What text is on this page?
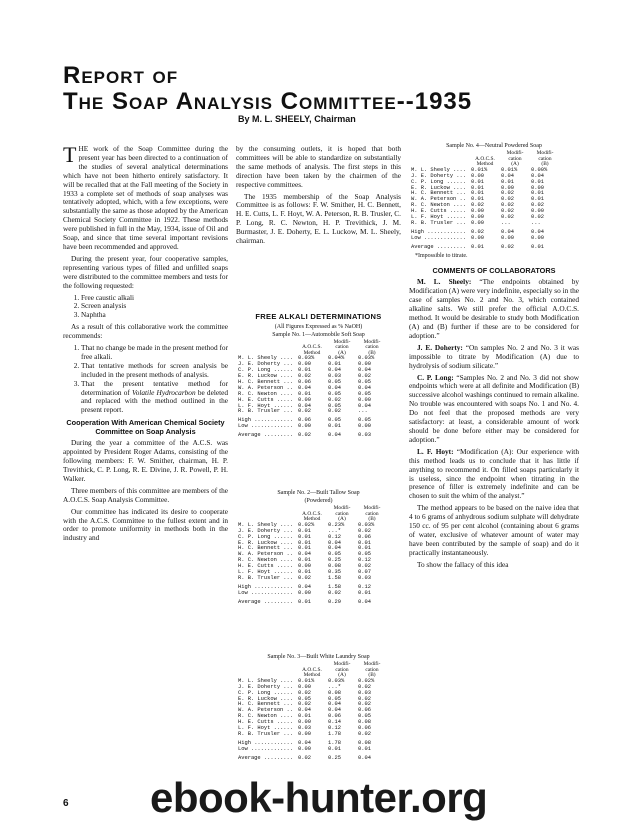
Report of
The Soap Analysis Committee--1935
By M. L. SHEELY, Chairman

THE work of the Soap Committee during the present year has been directed to a continuation of the studies of several analytical determinations which have not been hitherto entirely satisfactory. It will be recalled that at the Fall meeting of the Society in 1933 a complete set of methods of soap analyses was tentatively adopted, which, with a few exceptions, were substantially the same as those adopted by the American Chemical Society Committee in 1922. These methods were published in full in the May, 1934, issue of Oil and Soap, and since that time several important revisions have been recommended and approved.

During the present year, four cooperative samples, representing various types of filled and unfilled soaps were distributed to the committee members and tests for the following requested:

1. Free caustic alkali
2. Screen analysis
3. Naphtha

As a result of this collaborative work the committee recommends:

1. That no change be made in the present method for free alkali.
2. That tentative methods for screen analysis be included in the present methods of analysis.
3. That the present tentative method for determination of Volatile Hydrocarbon be deleted and replaced with the method outlined in the present report.
Cooperation With American Chemical Society Committee on Soap Analysis

During the year a committee of the A.C.S. was appointed by President Roger Adams, consisting of the following members: F. W. Smither, chairman, H. P. Trevithick, C. P. Long, R. E. Divine, J. R. Powell, P. H. Walker.

Three members of this committee are members of the A.O.C.S. Soap Analysis Committee.

Our committee has indicated its desire to cooperate with the A.C.S. Committee to the fullest extent and in order to promote uniformity in methods both in the industry and

by the consuming outlets, it is hoped that both committees will be able to standardize on substantially the same methods of analysis. The first steps in this direction have been taken by the chairmen of the respective committees.

The 1935 membership of the Soap Analysis Committee is as follows: F. W. Smither, H. C. Bennett, H. E. Cutts, L. F. Hoyt, W. A. Peterson, R. B. Trusler, C. P. Long, R. C. Newton, H. P. Trevithick, J. M. Burmaster, J. E. Doherty, E. L. Luckow, M. L. Sheely, chairman.

FREE ALKALI DETERMINATIONS
(All Figures Expressed as % NaOH)
Sample No. 1—Automobile Soft Soap
		Modifi-	Modifi-
	A.O.C.S.	cation	cation
	Method	(A)	(B)
M. L. Sheely ....	0.03%	0.04%	0.03%
J. E. Doherty ...	0.00	0.01	0.00
C. P. Long ......	0.01	0.04	0.04
E. R. Luckow ....	0.02	0.03	0.02
H. C. Bennett ...	0.06	0.05	0.05
W. A. Peterson ..	0.04	0.04	0.04
R. C. Newton ....	0.01	0.05	0.05
H. E. Cutts .....	0.00	0.02	0.00
L. F. Hoyt ......	0.04	0.05	0.04
R. B. Trusler ...	0.02	0.02	...
High ............	0.06	0.05	0.05
Low .............	0.00	0.01	0.00
Average .........	0.02	0.04	0.03
Sample No. 2—Built Tallow Soap
(Powdered)
		Modifi-	Modifi-
	A.O.C.S.	cation	cation
	Method	(A)	(B)
M. L. Sheely ....	0.02%	0.23%	0.03%
J. E. Doherty ...	0.01	...*	0.02
C. P. Long ......	0.01	0.12	0.06
E. R. Luckow ....	0.01	0.04	0.01
H. C. Bennett ...	0.01	0.04	0.01
W. A. Peterson ..	0.04	0.05	0.05
R. C. Newton ....	0.01	0.25	0.12
H. E. Cutts .....	0.00	0.08	0.02
L. F. Hoyt ......	0.01	0.35	0.07
R. B. Trusler ...	0.02	1.58	0.03
High ............	0.04	1.58	0.12
Low .............	0.00	0.02	0.01
Average .........	0.01	0.29	0.04
Sample No. 3—Built White Laundry Soap
		Modifi-	Modifi-
	A.O.C.S.	cation	cation
	Method	(A)	(B)
M. L. Sheely ....	0.01%	0.03%	0.02%
J. E. Doherty ...	0.00	...*	0.02
C. P. Long ......	0.02	0.08	0.03
E. R. Luckow ....	0.05	0.05	0.02
H. C. Bennett ...	0.02	0.04	0.02
W. A. Peterson ..	0.04	0.04	0.06
R. C. Newton ....	0.01	0.06	0.05
H. E. Cutts .....	0.00	0.14	0.08
L. F. Hoyt ......	0.03	0.12	0.06
R. B. Trusler ...	0.00	1.78	0.02
High ............	0.04	1.78	0.08
Low .............	0.00	0.01	0.01
Average .........	0.02	0.25	0.04
Sample No. 4—Neutral Powdered Soap
		Modifi-	Modifi-
	A.O.C.S.	cation	cation
	Method	(A)	(B)
M. L. Sheely ....	0.01%	0.01%	0.00%
J. E. Doherty ...	0.00	0.04	0.04
C. P. Long ......	0.01	0.01	0.01
E. R. Luckow ....	0.01	0.00	0.00
H. C. Bennett ...	0.01	0.02	0.01
W. A. Peterson ..	0.01	0.02	0.01
R. C. Newton ....	0.02	0.02	0.02
H. E. Cutts .....	0.00	0.02	0.00
L. F. Hoyt ......	0.00	0.02	0.02
R. B. Trusler ...	0.00	...	...
High ............	0.02	0.04	0.04
Low .............	0.00	0.00	0.00
Average .........	0.01	0.02	0.01
*Impossible to titrate.
COMMENTS OF COLLABORATORS

M. L. Sheely: “The endpoints obtained by Modification (A) were very indefinite, especially so in the case of samples No. 2 and No. 3, which contained alkaline salts. We still prefer the official A.O.C.S. method. It would be desirable to study both Modification (A) and (B) further if these are to be considered for adoption.”

J. E. Doherty: “On samples No. 2 and No. 3 it was impossible to titrate by Modification (A) due to hydrolysis of sodium silicate.”

C. P. Long: “Samples No. 2 and No. 3 did not show endpoints which were at all definite and Modification (B) successive alcohol washings continued to remain alkaline. No trouble was encountered with soaps No. 1 and No. 4. Do not feel that the proposed methods are very satisfactory: at least, a considerable amount of work should be done before either may be considered for adoption.”

L. F. Hoyt: “Modification (A): Our experience with this method leads us to conclude that it has little if anything to recommend it. On filled soaps particularly it is useless, since the endpoint when titrating in the presence of filler is extremely indefinite and can be chosen to suit the whim of the analyst.”

The method appears to be based on the naive idea that 4 to 6 grams of anhydrous sodium sulphate will dehydrate 150 cc. of 95 per cent alcohol (containing about 6 grams of water, exclusive of whatever amount of water may have been contributed by the sample of soap) and do it practically instantaneously.

To show the fallacy of this idea

6 ebook-hunter.org
